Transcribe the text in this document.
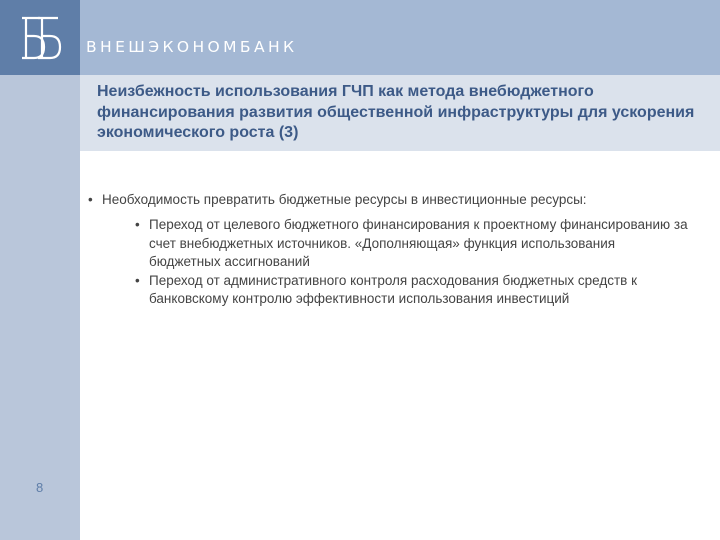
ВНЕШЭКОНОМБАНК
Неизбежность использования ГЧП как метода внебюджетного финансирования развития общественной инфраструктуры для ускорения экономического роста (3)
• Необходимость превратить бюджетные ресурсы в инвестиционные ресурсы:
• Переход от целевого бюджетного финансирования к проектному финансированию за счет внебюджетных источников. «Дополняющая» функция использования бюджетных ассигнований
• Переход от административного контроля расходования бюджетных средств к банковскому контролю эффективности использования инвестиций
8
